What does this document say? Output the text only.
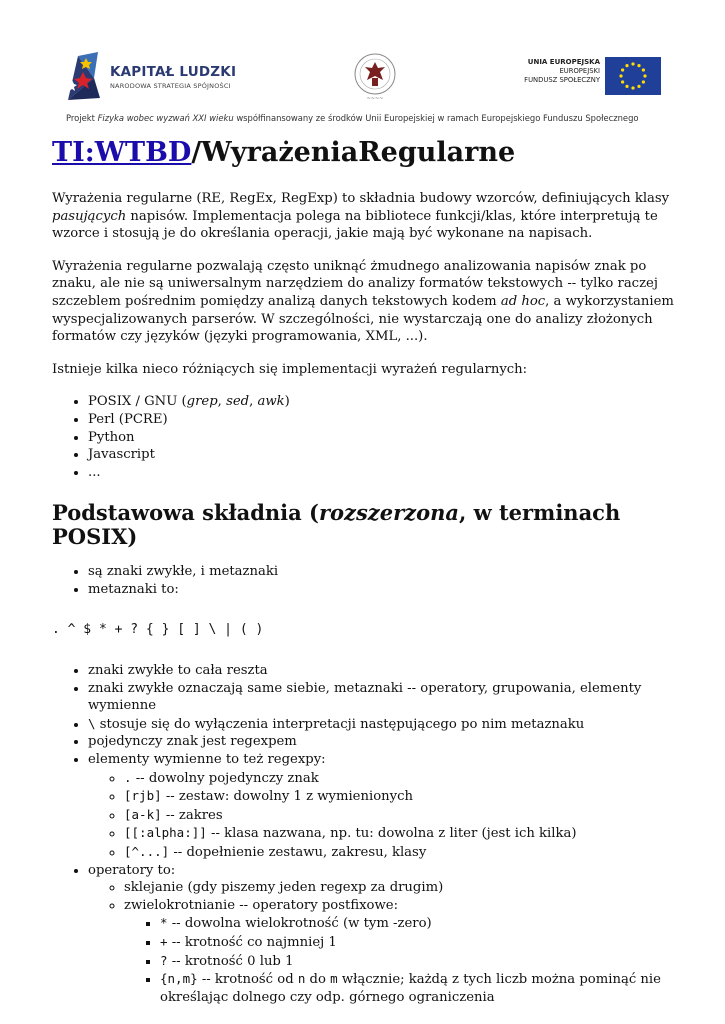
KAPITAŁ LUDZKI
NARODOWA STRATEGIA SPÓJNOŚCI
~~~~
UNIA EUROPEJSKA
EUROPEJSKI
FUNDUSZ SPOŁECZNY
Projekt Fizyka wobec wyzwań XXI wieku współfinansowany ze środków Unii Europejskiej w ramach Europejskiego Funduszu Społecznego
TI:WTBD/WyrażeniaRegularne

Wyrażenia regularne (RE, RegEx, RegExp) to składnia budowy wzorców, definiujących klasy pasujących napisów. Implementacja polega na bibliotece funkcji/klas, które interpretują te wzorce i stosują je do określania operacji, jakie mają być wykonane na napisach.

Wyrażenia regularne pozwalają często uniknąć żmudnego analizowania napisów znak po znaku, ale nie są uniwersalnym narzędziem do analizy formatów tekstowych -- tylko raczej szczeblem pośrednim pomiędzy analizą danych tekstowych kodem ad hoc, a wykorzystaniem wyspecjalizowanych parserów. W szczególności, nie wystarczają one do analizy złożonych formatów czy języków (języki programowania, XML, ...).

Istnieje kilka nieco różniących się implementacji wyrażeń regularnych:

• POSIX / GNU (grep, sed, awk)
• Perl (PCRE)
• Python
• Javascript
• ...
Podstawowa składnia (rozszerzona, w terminach POSIX)
• są znaki zwykłe, i metaznaki
• metaznaki to:
. ^ $ * + ? { } [ ] \ | ( )
• znaki zwykłe to cała reszta
• znaki zwykłe oznaczają same siebie, metaznaki -- operatory, grupowania, elementy wymienne
• \ stosuje się do wyłączenia interpretacji następującego po nim metaznaku
• pojedynczy znak jest regexpem
• elementy wymienne to też regexpy:
◦ . -- dowolny pojedynczy znak
◦ [rjb] -- zestaw: dowolny 1 z wymienionych
◦ [a-k] -- zakres
◦ [[:alpha:]] -- klasa nazwana, np. tu: dowolna z liter (jest ich kilka)
◦ [^...] -- dopełnienie zestawu, zakresu, klasy
• operatory to:
◦ sklejanie (gdy piszemy jeden regexp za drugim)
◦ zwielokrotnianie -- operatory postfixowe:
▪ * -- dowolna wielokrotność (w tym -zero)
▪ + -- krotność co najmniej 1
▪ ? -- krotność 0 lub 1
▪ {n,m} -- krotność od n do m włącznie; każdą z tych liczb można pominąć nie określając dolnego czy odp. górnego ograniczenia
